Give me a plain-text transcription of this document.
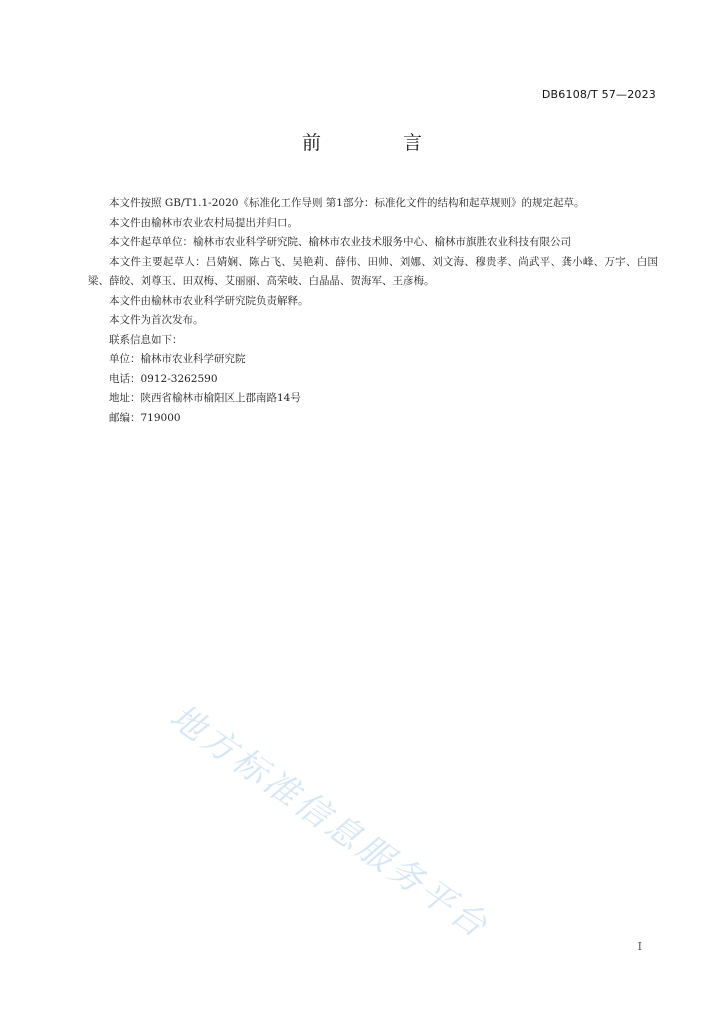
DB6108/T 57—2023
前 言

本文件按照 GB/T1.1-2020《标准化工作导则 第1部分：标准化文件的结构和起草规则》的规定起草。

本文件由榆林市农业农村局提出并归口。

本文件起草单位：榆林市农业科学研究院、榆林市农业技术服务中心、榆林市旗胜农业科技有限公司

本文件主要起草人：吕婧娴、陈占飞、吴艳莉、薛伟、田帅、刘娜、刘文海、穆贵孝、尚武平、龚小峰、万宇、白国梁、薛皎、刘尊玉、田双梅、艾丽丽、高荣岐、白晶晶、贺海军、王彦梅。

本文件由榆林市农业科学研究院负责解释。

本文件为首次发布。

联系信息如下：

单位：榆林市农业科学研究院

电话：0912-3262590

地址：陕西省榆林市榆阳区上郡南路14号

邮编：719000

地方标准信息服务平台	I
